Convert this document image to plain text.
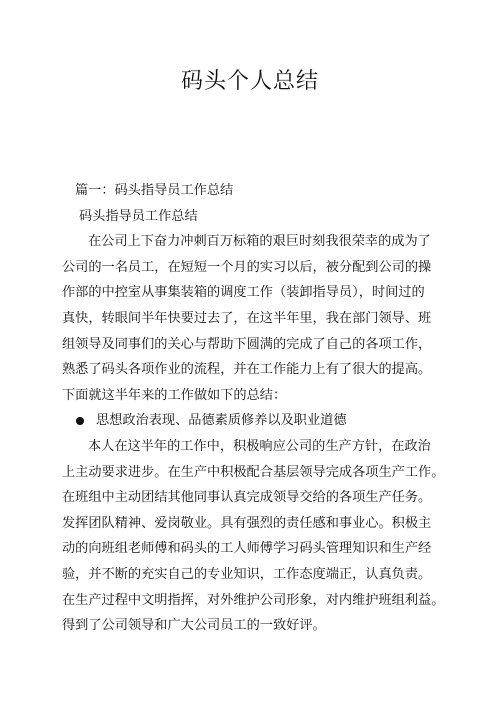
码头个人总结
篇一：码头指导员工作总结
码头指导员工作总结
在公司上下奋力冲刺百万标箱的艰巨时刻我很荣幸的成为了
公司的一名员工，在短短一个月的实习以后，被分配到公司的操
作部的中控室从事集装箱的调度工作（装卸指导员），时间过的
真快，转眼间半年快要过去了，在这半年里，我在部门领导、班
组领导及同事们的关心与帮助下圆满的完成了自己的各项工作，
熟悉了码头各项作业的流程，并在工作能力上有了很大的提高。
下面就这半年来的工作做如下的总结：
思想政治表现、品德素质修养以及职业道德
本人在这半年的工作中，积极响应公司的生产方针，在政治
上主动要求进步。在生产中积极配合基层领导完成各项生产工作。
在班组中主动团结其他同事认真完成领导交给的各项生产任务。
发挥团队精神、爱岗敬业。具有强烈的责任感和事业心。积极主
动的向班组老师傅和码头的工人师傅学习码头管理知识和生产经
验，并不断的充实自己的专业知识，工作态度端正，认真负责。
在生产过程中文明指挥，对外维护公司形象，对内维护班组利益。
得到了公司领导和广大公司员工的一致好评。
